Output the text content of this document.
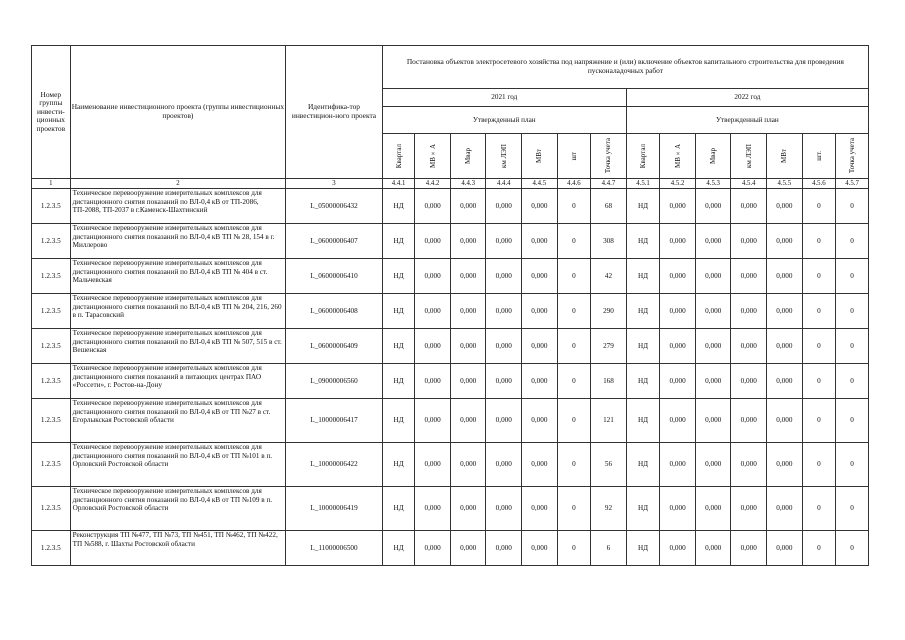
Номер группы инвести-ционных проектов	Наименование инвестиционного проекта (группы инвестиционных проектов)	Идентифика-тор инвестицион-ного проекта	Постановка объектов электросетевого хозяйства под напряжение и (или) включение объектов капитального строительства для проведения пусконаладочных работ													
			2021 год							2022 год						
			Утвержденный план							Утвержденный план						

			Квартал	МВ×А	Мвар	км ЛЭП	МВт	шт	Точка учета	Квартал	МВ×А	Мвар	км ЛЭП	МВт	шт.	Точка учета

1	2	3	4.4.1	4.4.2	4.4.3	4.4.4	4.4.5	4.4.6	4.4.7	4.5.1	4.5.2	4.5.3	4.5.4	4.5.5	4.5.6	4.5.7
1.2.3.5	Техническое перевооружение измерительных комплексов для дистанционного снятия показаний по ВЛ-0,4 кВ от ТП-2086, ТП-2088, ТП-2037 в г.Каменск-Шахтинский	L_05000006432	НД	0,000	0,000	0,000	0,000	0	68	НД	0,000	0,000	0,000	0,000	0	0
1.2.3.5	Техническое перевооружение измерительных комплексов для дистанционного снятия показаний по ВЛ-0,4 кВ ТП № 28, 154 в г. Миллерово	L_06000006407	НД	0,000	0,000	0,000	0,000	0	308	НД	0,000	0,000	0,000	0,000	0	0
1.2.3.5	Техническое перевооружение измерительных комплексов для дистанционного снятия показаний по ВЛ-0,4 кВ ТП № 404 в ст. Мальчевская	L_06000006410	НД	0,000	0,000	0,000	0,000	0	42	НД	0,000	0,000	0,000	0,000	0	0
1.2.3.5	Техническое перевооружение измерительных комплексов для дистанционного снятия показаний по ВЛ-0,4 кВ ТП № 204, 216, 260 в п. Тарасовский	L_06000006408	НД	0,000	0,000	0,000	0,000	0	290	НД	0,000	0,000	0,000	0,000	0	0
1.2.3.5	Техническое перевооружение измерительных комплексов для дистанционного снятия показаний по ВЛ-0,4 кВ ТП № 507, 515 в ст. Вешенская	L_06000006409	НД	0,000	0,000	0,000	0,000	0	279	НД	0,000	0,000	0,000	0,000	0	0
1.2.3.5	Техническое перевооружение измерительных комплексов для дистанционного снятия показаний в питающих центрах ПАО «Россети», г. Ростов-на-Дону	L_09000006560	НД	0,000	0,000	0,000	0,000	0	168	НД	0,000	0,000	0,000	0,000	0	0
1.2.3.5	Техническое перевооружение измерительных комплексов для дистанционного снятия показаний по ВЛ-0,4 кВ от ТП №27 в ст. Егорлыкская Ростовской области	L_10000006417	НД	0,000	0,000	0,000	0,000	0	121	НД	0,000	0,000	0,000	0,000	0	0
1.2.3.5	Техническое перевооружение измерительных комплексов для дистанционного снятия показаний по ВЛ-0,4 кВ от ТП №101 в п. Орловский Ростовской области	L_10000006422	НД	0,000	0,000	0,000	0,000	0	56	НД	0,000	0,000	0,000	0,000	0	0
1.2.3.5	Техническое перевооружение измерительных комплексов для дистанционного снятия показаний по ВЛ-0,4 кВ от ТП №109 в п. Орловский Ростовской области	L_10000006419	НД	0,000	0,000	0,000	0,000	0	92	НД	0,000	0,000	0,000	0,000	0	0
1.2.3.5	Реконструкция ТП №477, ТП №73, ТП №451, ТП №462, ТП №422, ТП №588, г. Шахты Ростовской области	L_11000006500	НД	0,000	0,000	0,000	0,000	0	6	НД	0,000	0,000	0,000	0,000	0	0
